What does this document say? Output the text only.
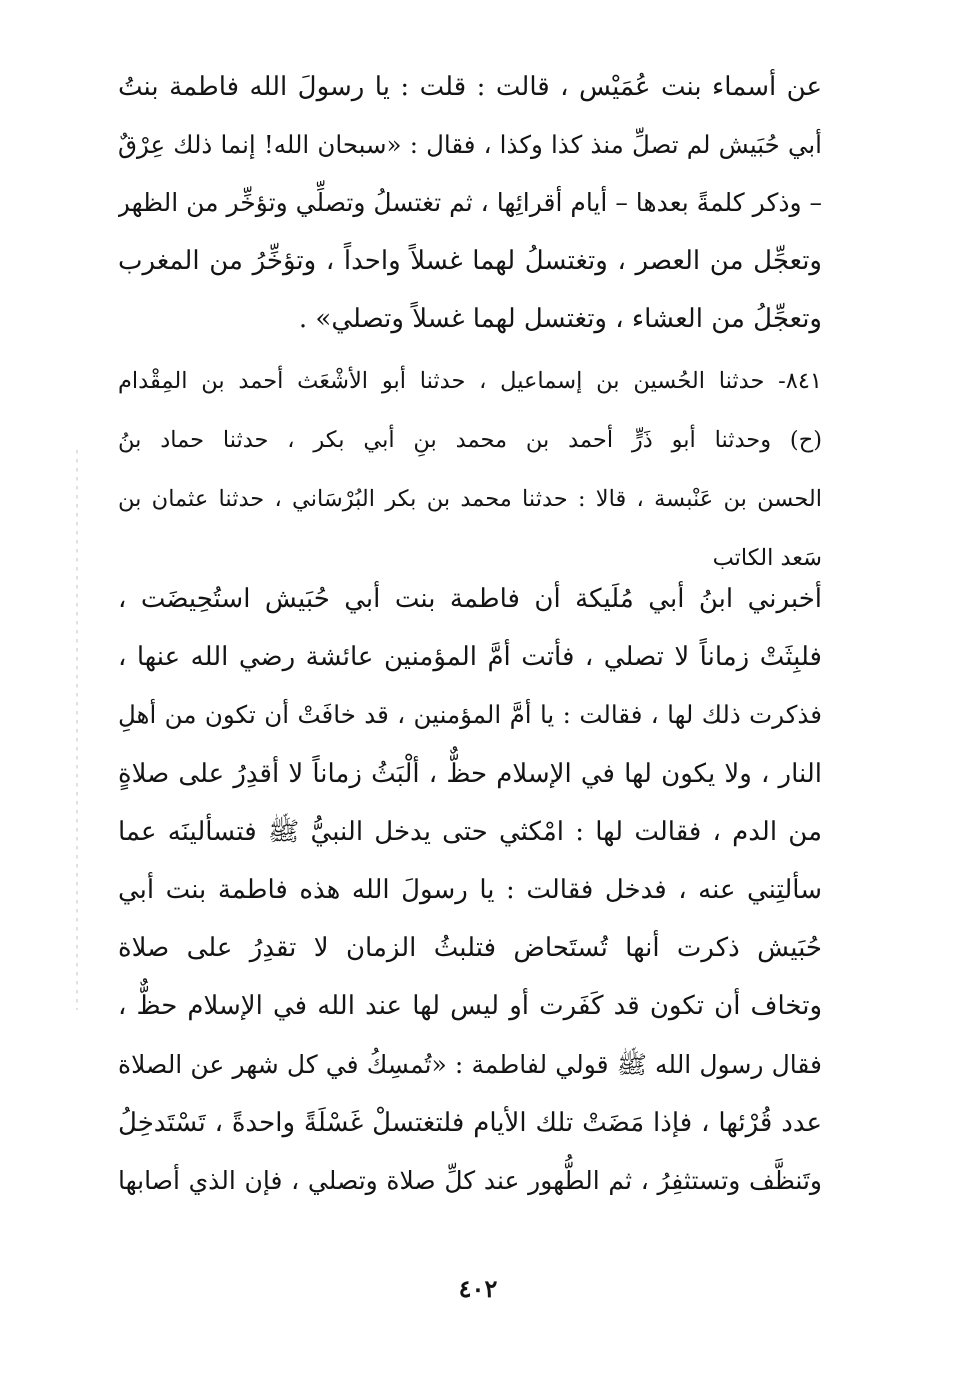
عن أسماء بنت عُمَيْس ، قالت : قلت : يا رسولَ الله فاطمة بنتُ
أبي حُبَيش لم تصلِّ منذ كذا وكذا ، فقال : «سبحان الله! إنما ذلك عِرْقٌ
– وذكر كلمةً بعدها – أيام أقرائِها ، ثم تغتسلُ وتصلِّي وتؤخِّر من الظهر
وتعجِّل من العصر ، وتغتسلُ لهما غسلاً واحداً ، وتؤخِّرُ من المغرب
وتعجِّلُ من العشاء ، وتغتسل لهما غسلاً وتصلي» .
٨٤١- حدثنا الحُسين بن إسماعيل ، حدثنا أبو الأشْعَث أحمد بن المِقْدام
(ح) وحدثنا أبو ذَرٍّ أحمد بن محمد بنِ أبي بكر ، حدثنا حماد بنُ
الحسن بن عَنْبسة ، قالا : حدثنا محمد بن بكر البُرْسَاني ، حدثنا عثمان بن
سَعد الكاتب
أخبرني ابنُ أبي مُلَيكة أن فاطمة بنت أبي حُبَيش استُحِيضَت ،
فلبِثَتْ زماناً لا تصلي ، فأتت أمَّ المؤمنين عائشة رضي الله عنها ،
فذكرت ذلك لها ، فقالت : يا أمَّ المؤمنين ، قد خافَتْ أن تكون من أهلِ
النار ، ولا يكون لها في الإسلام حظٌّ ، ألْبَثُ زماناً لا أقدِرُ على صلاةٍ
من الدم ، فقالت لها : امْكثي حتى يدخل النبيُّ ﷺ فتسألينَه عما
سألتِني عنه ، فدخل فقالت : يا رسولَ الله هذه فاطمة بنت أبي
حُبَيش ذكرت أنها تُستَحاض فتلبثُ الزمان لا تقدِرُ على صلاة
وتخاف أن تكون قد كَفَرت أو ليس لها عند الله في الإسلام حظٌّ ،
فقال رسول الله ﷺ قولي لفاطمة : «تُمسِكُ في كل شهر عن الصلاة
عدد قُرْئها ، فإذا مَضَتْ تلك الأيام فلتغتسلْ غَسْلَةً واحدةً ، تَسْتَدخِلُ
وتَنظَّف وتستثفِرُ ، ثم الطُّهور عند كلِّ صلاة وتصلي ، فإن الذي أصابها
٤٠٢
